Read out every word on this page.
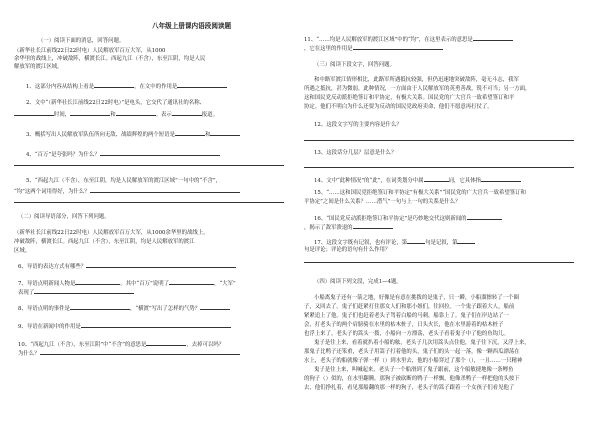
八年级上册课内语段阅读题
（一）阅读下面的消息，回答问题。
（新华社长江前线22日22时电）人民解放军百万大军，从1000
余华里的战线上，冲破敌阵，横渡长江。西起九江（不含），东至江阴，均是人民
解放军的渡江区域。
1、这部分内容从结构上看是	，在文中的作用是
2、文中“（新华社长江前线22日22时电）”是电头，它交代了通讯社的名称、
时间，	和	。表示	报道。
3、概括写出人民解放军队伍所向无敌、战绩辉煌的两个短语是	和
4、“百万”是夸张吗？为什么？
5、“西起九江（不含），东至江阴，均是人民解放军的渡江区域”一句中的“不含”，
“均”这两个词用得好，为什么？
（二）阅读导语部分，回答下列问题。
（新华社长江前线22日22时电）人民解放军百万大军，从1000余华里的战线上，
冲破敌阵，横渡长江。西起九江（不含），东至江阴，均是人民解放军的渡江
区域。
6、导语的表达方式有哪些？
7、导语点明新闻人物是	。其中“百万”说明了	，“大军”
表现了
8、导语点明的事件是	，“横渡”写出了怎样的气势？
9、导语在新闻中的作用是
10、“西起九江（不含），东至江阴”中“不含”的意思是	，去掉可以吗？
为什么？
11、“……均是人民解放军的渡江区域”中的“均”，在这里表示的意思是
，它在这里的作用是
（三）阅读下段文字，回答问题。
和中路军渡江情形相比，此路军所遇抵抗较强，但仍迅速地突破敌阵，毫无斗志，我军
所遇之抵抗，甚为微弱。此种情况，一方面由于人民解放军的英勇善战，锐不可当；另一方面，
这和国民党反动派拒绝签订和平协定，有极大关系。国民党的广大官兵一致希望签订和平
协定。他们不明白为什么还要为反动的国民党政府卖命，他们不愿意再打仗了。
12、这段文字写的主要内容是什么？
13、这段话分几层？层意是什么？
14、文中“此种情况”的“此”，在词类划分中属	词，它具体指
15、“……这和国民党拒绝签订和平协定”有极大关系”“国民党的广大官兵一致希望签订和
平协定”之间是什么关系？……潜气”一句与上一句的关系是什么？
16、“国民党反动派拒绝签订和平协定”是巧妙地交代这则新闻的
，揭示了敌军溃退的
17、这段文字既有记叙，也有评论，第	句是记叙，第
句是评论；评论的语句有什么作用？
（四）阅读下列文段，完成1—4题。
小船离鬼子还有一箭之地，好像是有意在挑拨的是鬼子，只一瞬，小船溜擦转了一个圈
子，又回去了。鬼子们赶紧打住那女人们和那小姐们，往回拉。一个鬼子跟着大人，船前
紧紧追上了他。鬼子们也赶着老头子驾着白船的马刺，船靠上了。鬼子们在岸边站了一
会，打老头子的两个肩膀骑在水里的枯木桩子，日头火长，他在水里游着的枯木桩子
也浮上来了。老头子的篙头一拨，小船向一方漂荡，老头子看着鬼子中了他的鱼钩儿。
鬼子是往上来，看着就扒着小船的舷，老头子几次用篙头点住他，鬼子往下沉，又浮上来，
那鬼子比鸭子还笨重，老头子用篙子打着他的头，鬼子们的头一起一落，像一颗西瓜漂荡在
水上，老头子的船就像子弹一样（）到水里去，他的小船穿过了那个（），一且……一只精神
鬼子是往上来，叫喊起来，老头子一个船滑到了鬼子跟前，这个船敏捷地像一条鲤鱼
的狗子（）似的，在水里翻腾。那狗子被砍断的鸭子一样飘，他像杀鸭子一样把他的头按下
去，他们挣扎着，看见那船翻的那一样的狗子，老头子的篙子跟着一个女孩子们看见他了
